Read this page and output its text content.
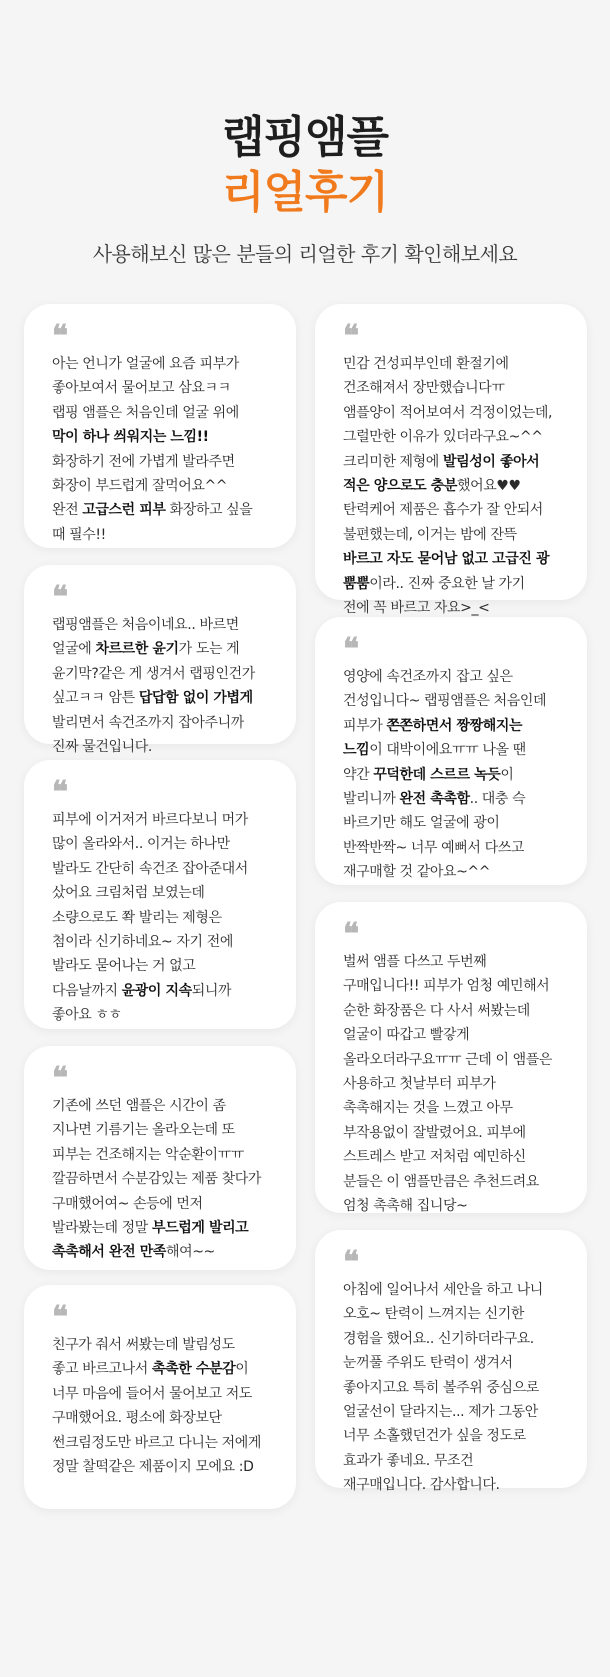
랩핑앰플
리얼후기
사용해보신 많은 분들의 리얼한 후기 확인해보세요
❝
아는 언니가 얼굴에 요즘 피부가
좋아보여서 물어보고 삼요ㅋㅋ
랩핑 앰플은 처음인데 얼굴 위에
막이 하나 씌워지는 느낌!!
화장하기 전에 가볍게 발라주면
화장이 부드럽게 잘먹어요^^
완전 고급스런 피부 화장하고 싶을
때 필수!!
❝
랩핑앰플은 처음이네요.. 바르면
얼굴에 차르르한 윤기가 도는 게
윤기막?같은 게 생겨서 랩핑인건가
싶고ㅋㅋ 암튼 답답함 없이 가볍게
발리면서 속건조까지 잡아주니까
진짜 물건입니다.
❝
피부에 이거저거 바르다보니 머가
많이 올라와서.. 이거는 하나만
발라도 간단히 속건조 잡아준대서
샀어요 크림처럼 보였는데
소량으로도 쫙 발리는 제형은
첨이라 신기하네요~ 자기 전에
발라도 묻어나는 거 없고
다음날까지 윤광이 지속되니까
좋아요 ㅎㅎ
❝
기존에 쓰던 앰플은 시간이 좀
지나면 기름기는 올라오는데 또
피부는 건조해지는 악순환이ㅠㅠ
깔끔하면서 수분감있는 제품 찾다가
구매했어여~ 손등에 먼저
발라봤는데 정말 부드럽게 발리고
촉촉해서 완전 만족해여~~
❝
친구가 줘서 써봤는데 발림성도
좋고 바르고나서 촉촉한 수분감이
너무 마음에 들어서 물어보고 저도
구매했어요. 평소에 화장보단
썬크림정도만 바르고 다니는 저에게
정말 찰떡같은 제품이지 모에요 :D
❝
민감 건성피부인데 환절기에
건조해져서 장만했습니다ㅠ
앰플양이 적어보여서 걱정이었는데,
그럴만한 이유가 있더라구요~^^
크리미한 제형에 발림성이 좋아서
적은 양으로도 충분했어요♥♥
탄력케어 제품은 흡수가 잘 안되서
불편했는데, 이거는 밤에 잔뜩
바르고 자도 묻어남 없고 고급진 광
뿜뿜이라.. 진짜 중요한 날 가기
전에 꼭 바르고 자요>_<
❝
영양에 속건조까지 잡고 싶은
건성입니다~ 랩핑앰플은 처음인데
피부가 쫀쫀하면서 짱짱해지는
느낌이 대박이에요ㅠㅠ 나올 땐
약간 꾸덕한데 스르르 녹듯이
발리니까 완전 촉촉함.. 대충 슥
바르기만 해도 얼굴에 광이
반짝반짝~ 너무 예뻐서 다쓰고
재구매할 것 같아요~^^
❝
벌써 앰플 다쓰고 두번째
구매입니다!! 피부가 엄청 예민해서
순한 화장품은 다 사서 써봤는데
얼굴이 따갑고 빨갛게
올라오더라구요ㅠㅠ 근데 이 앰플은
사용하고 첫날부터 피부가
촉촉해지는 것을 느꼈고 아무
부작용없이 잘발렸어요. 피부에
스트레스 받고 저처럼 예민하신
분들은 이 앰플만큼은 추천드려요
엄청 촉촉해 집니당~
❝
아침에 일어나서 세안을 하고 나니
오호~ 탄력이 느껴지는 신기한
경험을 했어요.. 신기하더라구요.
눈꺼풀 주위도 탄력이 생겨서
좋아지고요 특히 볼주위 중심으로
얼굴선이 달라지는... 제가 그동안
너무 소홀했던건가 싶을 정도로
효과가 좋네요. 무조건
재구매입니다. 감사합니다.
